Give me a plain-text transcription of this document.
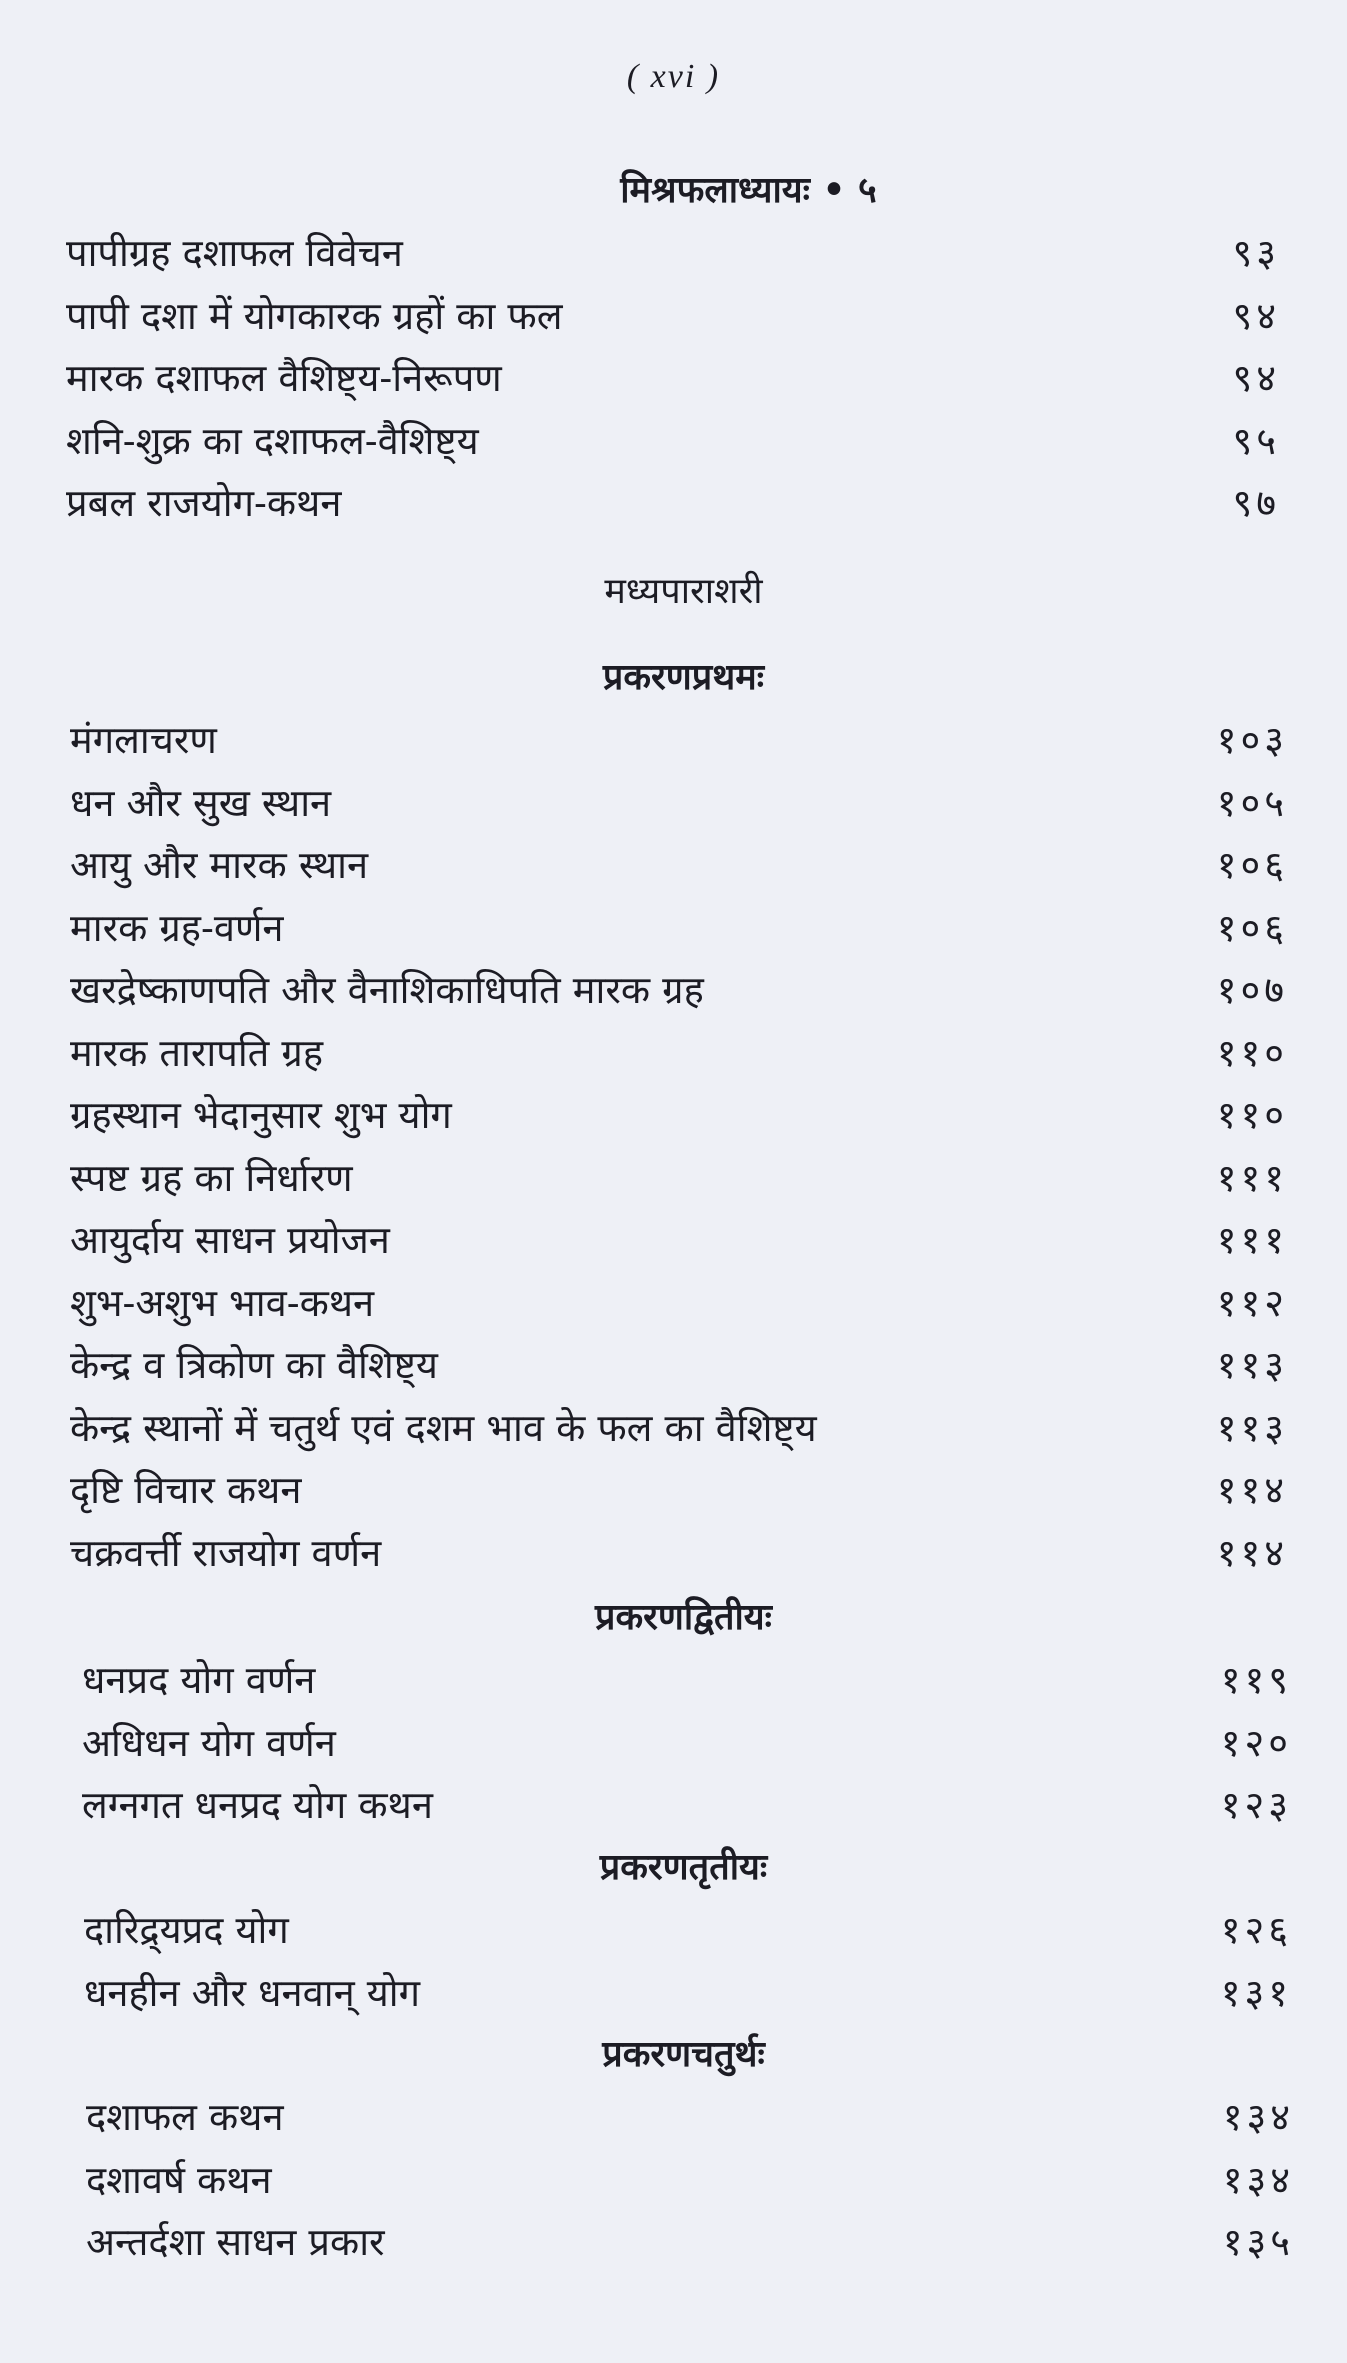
( xvi )
मिश्रफलाध्यायः • ५
पापीग्रह दशाफल विवेचन	९३
पापी दशा में योगकारक ग्रहों का फल	९४
मारक दशाफल वैशिष्ट्य-निरूपण	९४
शनि-शुक्र का दशाफल-वैशिष्ट्य	९५
प्रबल राजयोग-कथन	९७
मध्यपाराशरी
प्रकरणप्रथमः
मंगलाचरण	१०३
धन और सुख स्थान	१०५
आयु और मारक स्थान	१०६
मारक ग्रह-वर्णन	१०६
खरद्रेष्काणपति और वैनाशिकाधिपति मारक ग्रह	१०७
मारक तारापति ग्रह	११०
ग्रहस्थान भेदानुसार शुभ योग	११०
स्पष्ट ग्रह का निर्धारण	१११
आयुर्दाय साधन प्रयोजन	१११
शुभ-अशुभ भाव-कथन	११२
केन्द्र व त्रिकोण का वैशिष्ट्य	११३
केन्द्र स्थानों में चतुर्थ एवं दशम भाव के फल का वैशिष्ट्य	११३
दृष्टि विचार कथन	११४
चक्रवर्त्ती राजयोग वर्णन	११४
प्रकरणद्वितीयः
धनप्रद योग वर्णन	११९
अधिधन योग वर्णन	१२०
लग्नगत धनप्रद योग कथन	१२३
प्रकरणतृतीयः
दारिद्र्यप्रद योग	१२६
धनहीन और धनवान् योग	१३१
प्रकरणचतुर्थः
दशाफल कथन	१३४
दशावर्ष कथन	१३४
अन्तर्दशा साधन प्रकार	१३५
